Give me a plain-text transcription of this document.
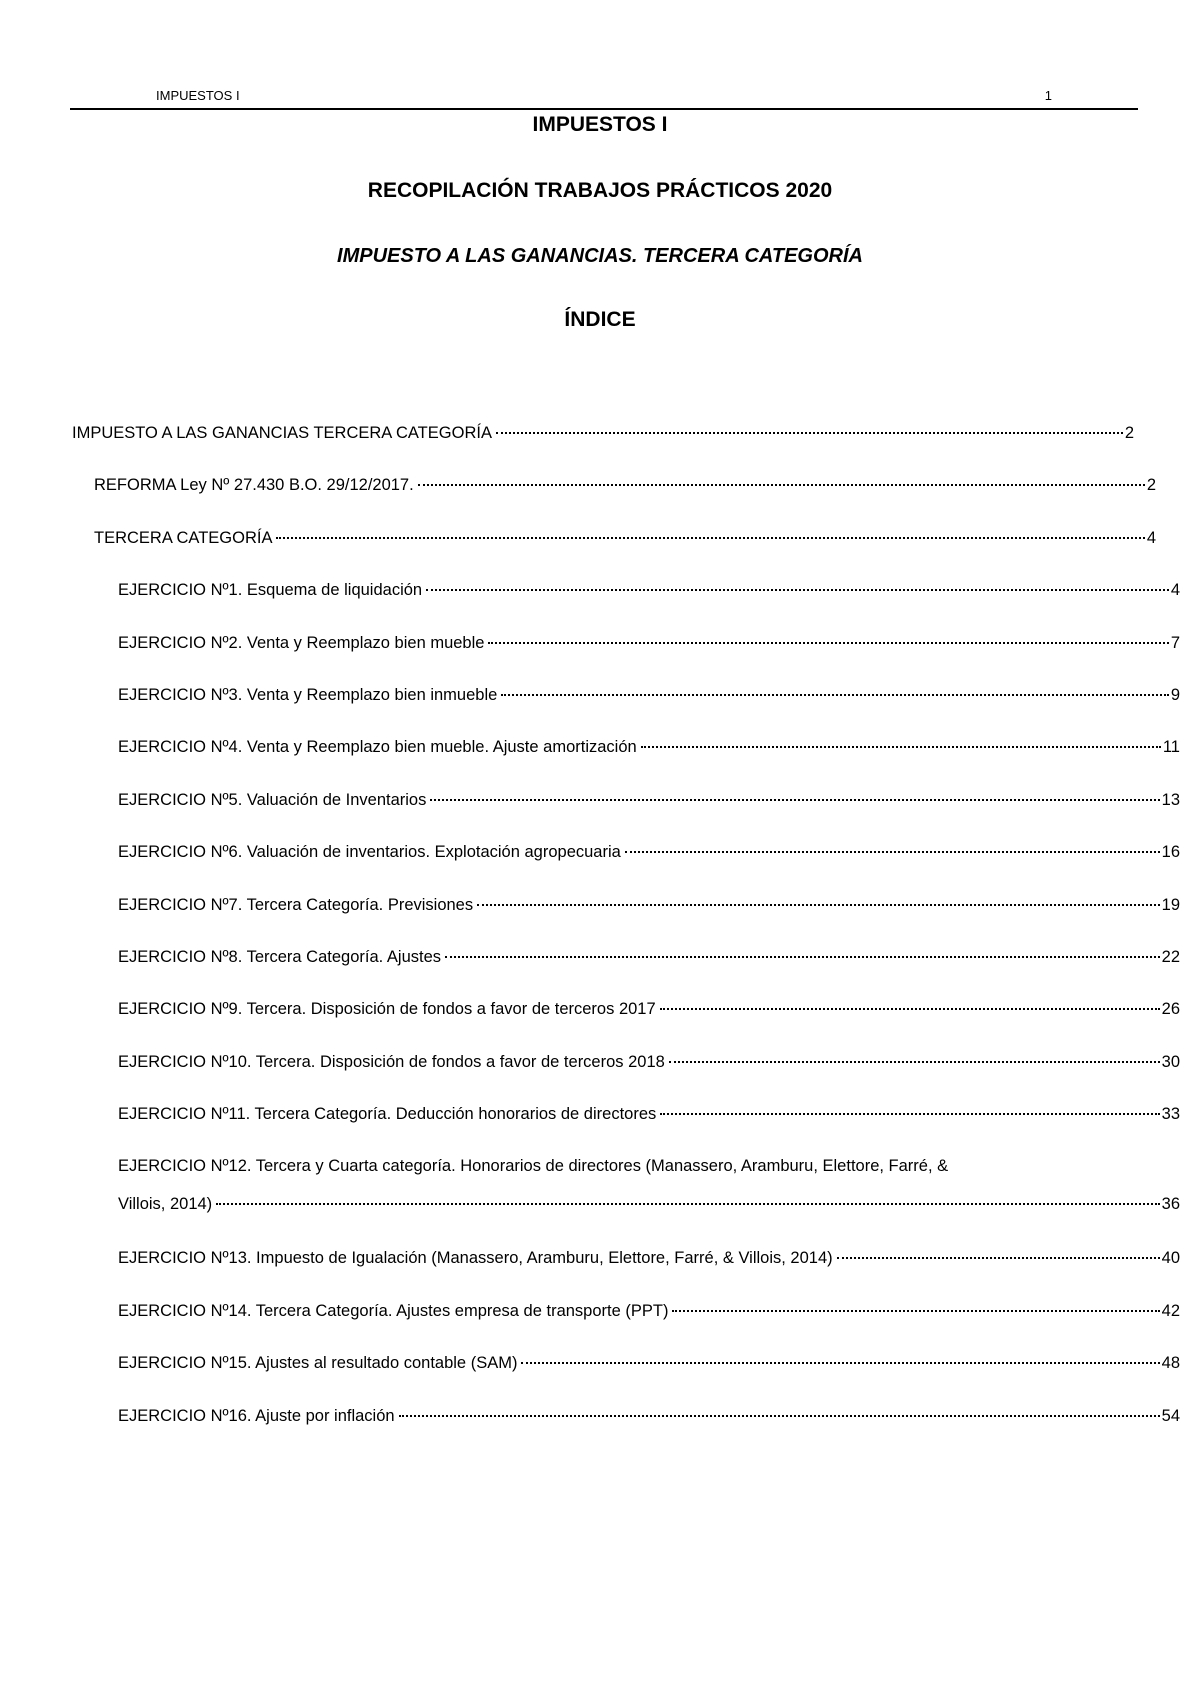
IMPUESTOS I	1
IMPUESTOS I
RECOPILACIÓN TRABAJOS PRÁCTICOS 2020
IMPUESTO A LAS GANANCIAS. TERCERA CATEGORÍA
ÍNDICE
IMPUESTO A LAS GANANCIAS TERCERA CATEGORÍA	2
REFORMA Ley Nº 27.430 B.O. 29/12/2017.	2
TERCERA CATEGORÍA	4
EJERCICIO Nº1. Esquema de liquidación	4
EJERCICIO Nº2. Venta y Reemplazo bien mueble	7
EJERCICIO Nº3. Venta y Reemplazo bien inmueble	9
EJERCICIO Nº4. Venta y Reemplazo bien mueble. Ajuste amortización	11
EJERCICIO Nº5. Valuación de Inventarios	13
EJERCICIO Nº6. Valuación de inventarios. Explotación agropecuaria	16
EJERCICIO Nº7. Tercera Categoría. Previsiones	19
EJERCICIO Nº8. Tercera Categoría. Ajustes	22
EJERCICIO Nº9. Tercera. Disposición de fondos a favor de terceros 2017	26
EJERCICIO Nº10. Tercera. Disposición de fondos a favor de terceros 2018	30
EJERCICIO Nº11. Tercera Categoría. Deducción honorarios de directores	33
EJERCICIO Nº12. Tercera y Cuarta categoría. Honorarios de directores (Manassero, Aramburu, Elettore, Farré, &
Villois, 2014)	36
EJERCICIO Nº13. Impuesto de Igualación (Manassero, Aramburu, Elettore, Farré, & Villois, 2014)	40
EJERCICIO Nº14. Tercera Categoría. Ajustes empresa de transporte (PPT)	42
EJERCICIO Nº15. Ajustes al resultado contable (SAM)	48
EJERCICIO Nº16. Ajuste por inflación	54
